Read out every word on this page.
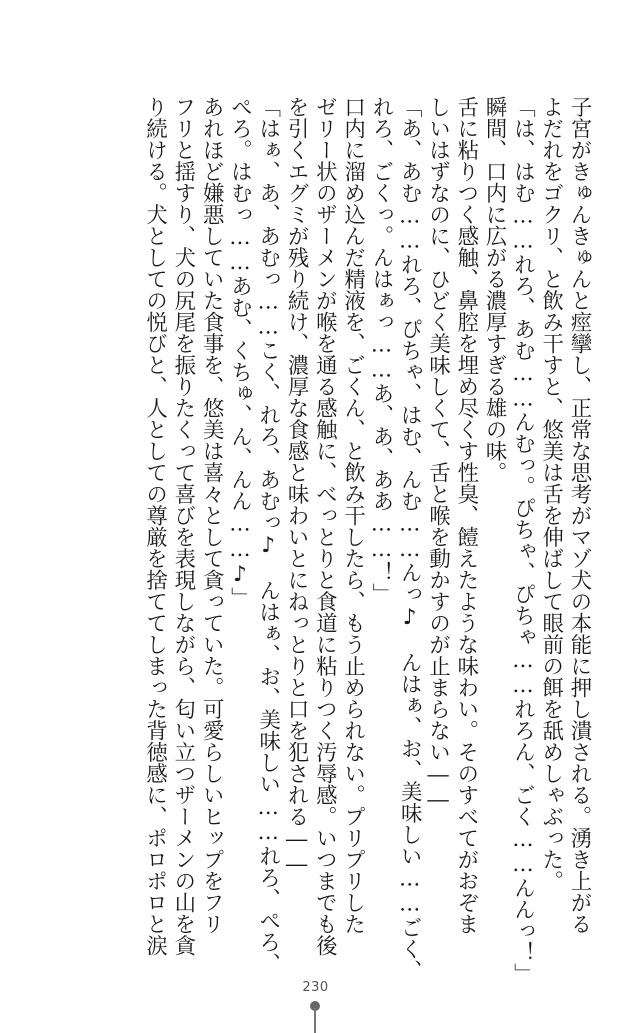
子宮がきゅんきゅんと痙攣し、正常な思考がマゾ犬の本能に押し潰される。湧き上がる
よだれをゴクリ、と飲み干すと、悠美は舌を伸ばして眼前の餌を舐めしゃぶった。
「は、はむ……れろ、あむ……んむっ。ぴちゃ、ぴちゃ……れろん、ごく……んんっ！」
瞬間、口内に広がる濃厚すぎる雄の味。
舌に粘りつく感触、鼻腔を埋め尽くす性臭、饐えたような味わい。そのすべてがおぞま
しいはずなのに、ひどく美味しくて、舌と喉を動かすのが止まらない――
「あ、あむ……れろ、ぴちゃ、はむ、んむ……んっ♪　んはぁ、お、美味しい……ごく、
れろ、ごくっ。んはぁっ……あ、あ、ああ……！」
口内に溜め込んだ精液を、ごくん、と飲み干したら、もう止められない。プリプリした
ゼリー状のザーメンが喉を通る感触に、べっとりと食道に粘りつく汚辱感。いつまでも後
を引くエグミが残り続け、濃厚な食感と味わいとにねっとりと口を犯される――
「はぁ、あ、あむっ……こく、れろ、あむっ♪　んはぁ、お、美味しい……れろ、ぺろ、
ぺろ。はむっ……あむ、くちゅ、ん、んん……♪」
あれほど嫌悪していた食事を、悠美は喜々として貪っていた。可愛らしいヒップをフリ
フリと揺すり、犬の尻尾を振りたくって喜びを表現しながら、匂い立つザーメンの山を貪
り続ける。犬としての悦びと、人としての尊厳を捨ててしまった背徳感に、ポロポロと涙
230
